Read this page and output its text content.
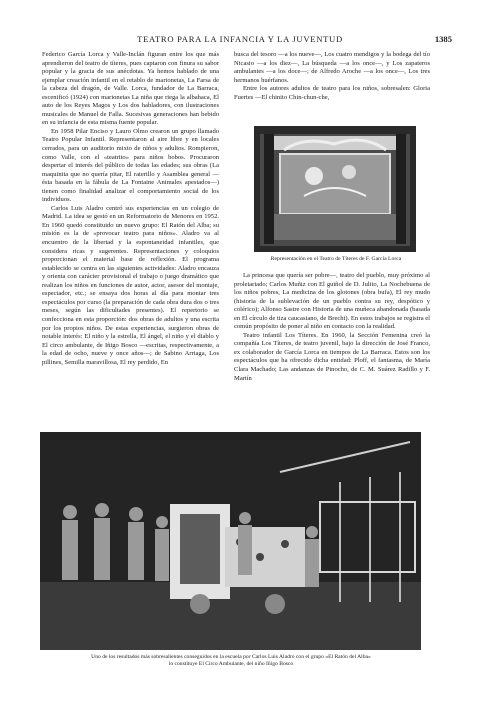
TEATRO PARA LA INFANCIA Y LA JUVENTUD	1385

Federico García Lorca y Valle-Inclán figuran entre los que más aprendieron del teatro de títeres, pues captaron con finura su sabor popular y la gracia de sus anécdotas. Ya hemos hablado de una ejemplar creación infantil en el retablo de marionetas, La Farsa de la cabeza del dragón, de Valle. Lorca, fundador de La Barraca, escenificó (1924) con marionetas La niña que riega la albahaca, El auto de los Reyes Magos y Los dos habladores, con ilustraciones musicales de Manuel de Falla. Sucesivas generaciones han bebido en su infancia de esta misma fuente popular.

En 1958 Pilar Enciso y Lauro Olmo crearon un grupo llamado Teatro Popular Infantil. Representaron al aire libre y en locales cerrados, para un auditorio mixto de niños y adultos. Rompieron, como Valle, con el «teatrito» para niños bobos. Procuraron despertar el interés del público de todas las edades; sus obras (La maquinita que no quería pitar, El raterillo y Asamblea general —ésta basada en la fábula de La Fontaine Animales apestados—) tienen como finalidad analizar el comportamiento social de los individuos.

Carlos Luis Aladro centró sus experiencias en un colegio de Madrid. La idea se gestó en un Reformatorio de Menores en 1952. En 1960 quedó constituido un nuevo grupo: El Ratón del Alba; su misión es la de «provocar teatro para niños». Aladro va al encuentro de la libertad y la espontaneidad infantiles, que considera ricas y sugerentes. Representaciones y coloquios proporcionan el material base de reflexión. El programa establecido se centra en las siguientes actividades: Aladro encauza y orienta con carácter provisional el trabajo o juego dramático que realizan los niños en funciones de autor, actor, asesor del montaje, espectador, etc.; se ensaya dos horas al día para montar tres espectáculos por curso (la preparación de cada obra dura dos o tres meses, según las dificultades presentes). El repertorio se confecciona en esta proporción: dos obras de adultos y una escrita por los propios niños. De estas experiencias, surgieron obras de notable interés: El niño y la estrella, El ángel, el niño y el diablo y El circo ambulante, de Iñigo Bosco —escritas, respectivamente, a la edad de ocho, nueve y once años—; de Sabino Arriaga, Los pillines, Semilla maravillosa, El rey perdido, En

busca del tesoro —a los nueve—, Los cuatro mendigos y la bodega del tío Nicasio —a los diez—, La búsqueda —a los once—, y Los zapateros ambulantes —a los doce—; de Alfredo Aroche —a los once—, Los tres hermanos huérfanos.

Entre los autores adultos de teatro para los niños, sobresalen: Gloria Fuertes —El chinito Chin-chun-che,

Representación en el Teatro de Títeres de F. García Lorca

La princesa que quería ser pobre—, teatro del pueblo, muy próximo al proletariado; Carlos Muñiz con El guiñol de D. Julito, La Nochebuena de los niños pobres, La medicina de los glotones (obra bufa), El rey mudo (historia de la sublevación de un pueblo contra su rey, despótico y colérico); Alfonso Sastre con Historia de una muñeca abandonada (basada en El círculo de tiza caucasiano, de Brecht). En estos trabajos se registra el común propósito de poner al niño en contacto con la realidad.

Teatro infantil Los Títeres. En 1960, la Sección Femenina creó la compañía Los Títeres, de teatro juvenil, bajo la dirección de José Franco, ex colaborador de García Lorca en tiempos de La Barraca. Estos son los espectáculos que ha ofrecido dicha entidad: Ploff, el fantasma, de María Clara Machado; Las andanzas de Pinocho, de C. M. Suárez Radillo y F. Martín

Uno de los resultados más sobresalientes conseguidos en la escuela por Carlos Luis Aladro con el grupo «El Ratón del Alba»
lo constituye El Circo Ambulante, del niño Iñigo Bosco
